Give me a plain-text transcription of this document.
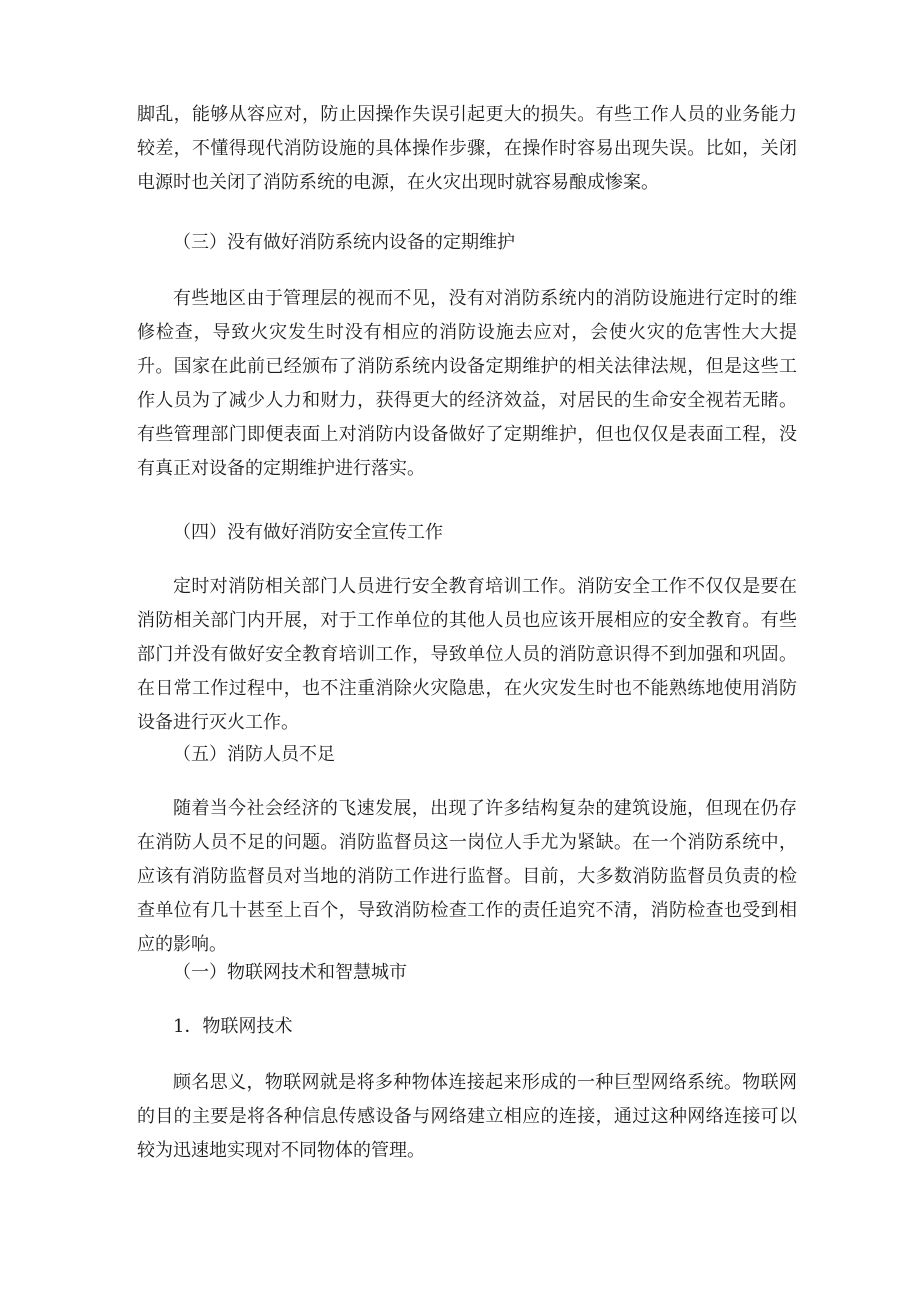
脚乱，能够从容应对，防止因操作失误引起更大的损失。有些工作人员的业务能力较差，不懂得现代消防设施的具体操作步骤，在操作时容易出现失误。比如，关闭电源时也关闭了消防系统的电源，在火灾出现时就容易酿成惨案。

（三）没有做好消防系统内设备的定期维护

有些地区由于管理层的视而不见，没有对消防系统内的消防设施进行定时的维修检查，导致火灾发生时没有相应的消防设施去应对，会使火灾的危害性大大提升。国家在此前已经颁布了消防系统内设备定期维护的相关法律法规，但是这些工作人员为了减少人力和财力，获得更大的经济效益，对居民的生命安全视若无睹。有些管理部门即便表面上对消防内设备做好了定期维护，但也仅仅是表面工程，没有真正对设备的定期维护进行落实。

（四）没有做好消防安全宣传工作

定时对消防相关部门人员进行安全教育培训工作。消防安全工作不仅仅是要在消防相关部门内开展，对于工作单位的其他人员也应该开展相应的安全教育。有些部门并没有做好安全教育培训工作，导致单位人员的消防意识得不到加强和巩固。在日常工作过程中，也不注重消除火灾隐患，在火灾发生时也不能熟练地使用消防设备进行灭火工作。

（五）消防人员不足

随着当今社会经济的飞速发展，出现了许多结构复杂的建筑设施，但现在仍存在消防人员不足的问题。消防监督员这一岗位人手尤为紧缺。在一个消防系统中，应该有消防监督员对当地的消防工作进行监督。目前，大多数消防监督员负责的检查单位有几十甚至上百个，导致消防检查工作的责任追究不清，消防检查也受到相应的影响。

（一）物联网技术和智慧城市

1．物联网技术

顾名思义，物联网就是将多种物体连接起来形成的一种巨型网络系统。物联网的目的主要是将各种信息传感设备与网络建立相应的连接，通过这种网络连接可以较为迅速地实现对不同物体的管理。
